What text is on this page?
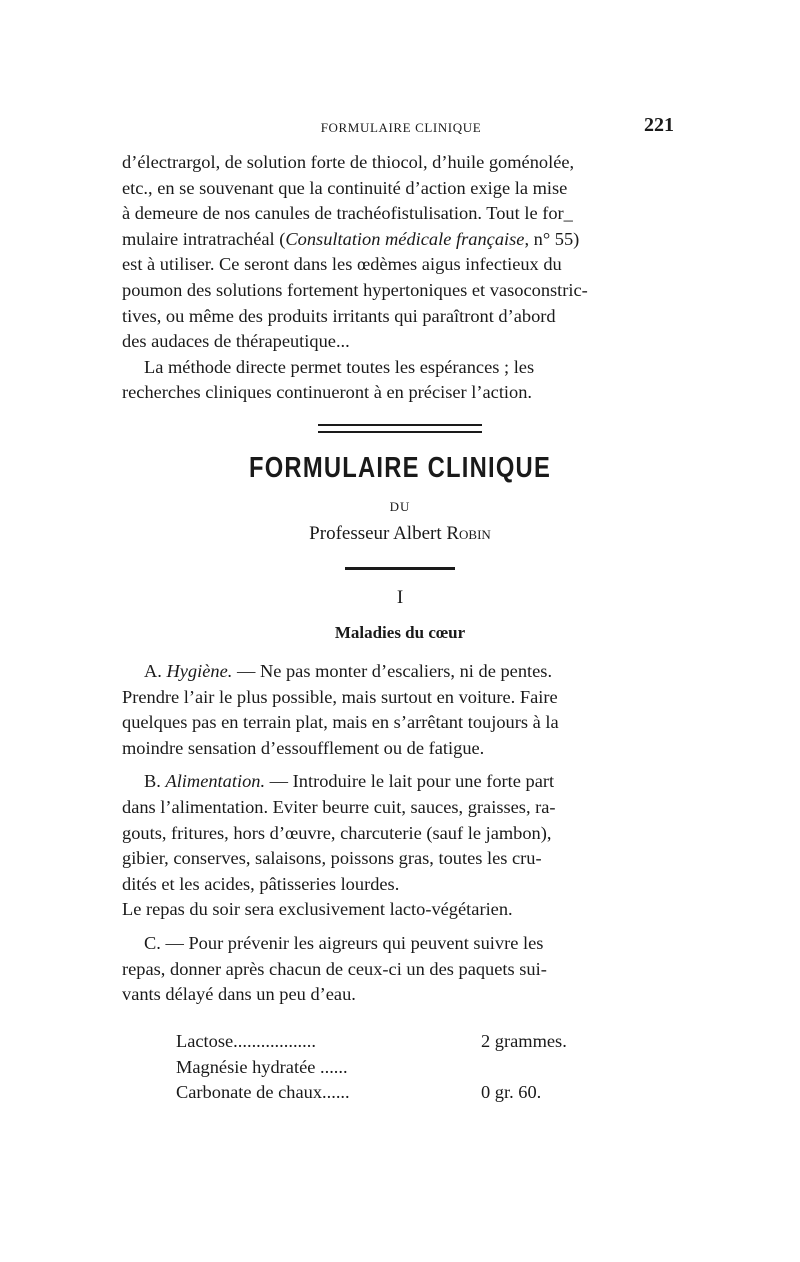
FORMULAIRE CLINIQUE	221

d’électrargol, de solution forte de thiocol, d’huile goménolée,

etc., en se souvenant que la continuité d’action exige la mise

à demeure de nos canules de trachéofistulisation. Tout le for_

mulaire intratrachéal (Consultation médicale française, n° 55)

est à utiliser. Ce seront dans les œdèmes aigus infectieux du

poumon des solutions fortement hypertoniques et vasoconstric-

tives, ou même des produits irritants qui paraîtront d’abord

des audaces de thérapeutique...

La méthode directe permet toutes les espérances ; les

recherches cliniques continueront à en préciser l’action.

FORMULAIRE CLINIQUE
DU
Professeur Albert Robin
I
Maladies du cœur

A. Hygiène. — Ne pas monter d’escaliers, ni de pentes.

Prendre l’air le plus possible, mais surtout en voiture. Faire

quelques pas en terrain plat, mais en s’arrêtant toujours à la

moindre sensation d’essoufflement ou de fatigue.

B. Alimentation. — Introduire le lait pour une forte part

dans l’alimentation. Eviter beurre cuit, sauces, graisses, ra-

gouts, fritures, hors d’œuvre, charcuterie (sauf le jambon),

gibier, conserves, salaisons, poissons gras, toutes les cru-

dités et les acides, pâtisseries lourdes.

Le repas du soir sera exclusivement lacto-végétarien.

C. — Pour prévenir les aigreurs qui peuvent suivre les

repas, donner après chacun de ceux-ci un des paquets sui-

vants délayé dans un peu d’eau.

Lactose..................	2 grammes.
Magnésie hydratée ......
Carbonate de chaux......	0 gr. 60.
